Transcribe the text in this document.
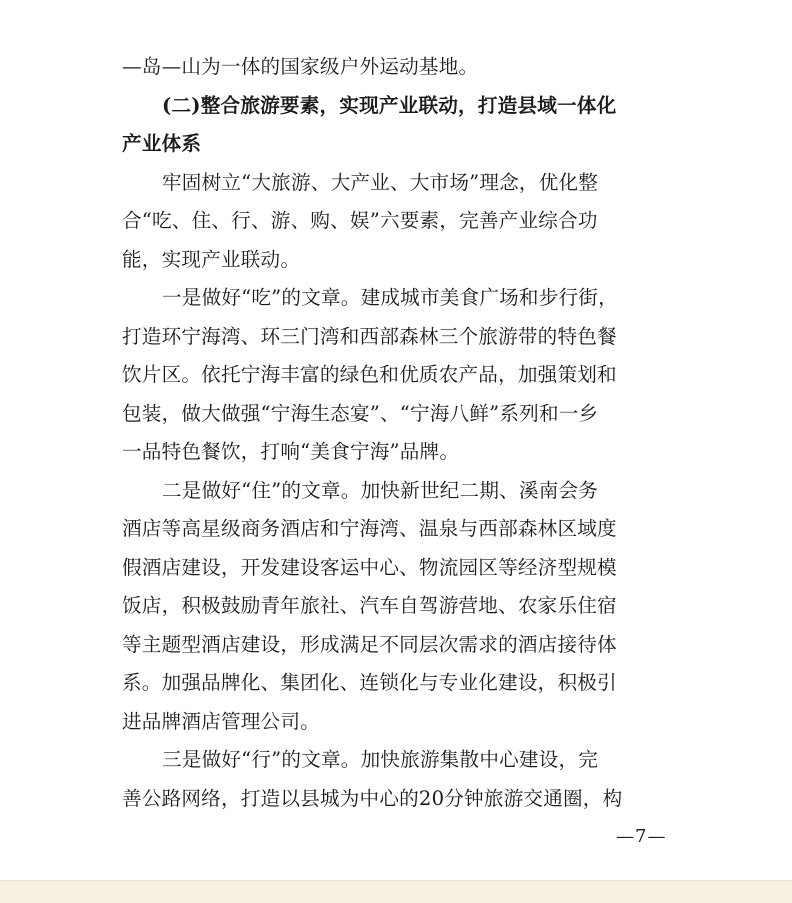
—岛—山为一体的国家级户外运动基地。
(二)整合旅游要素，实现产业联动，打造县域一体化
产业体系
牢固树立“大旅游、大产业、大市场”理念，优化整
合“吃、住、行、游、购、娱”六要素，完善产业综合功
能，实现产业联动。
一是做好“吃”的文章。建成城市美食广场和步行街，
打造环宁海湾、环三门湾和西部森林三个旅游带的特色餐
饮片区。依托宁海丰富的绿色和优质农产品，加强策划和
包装，做大做强“宁海生态宴”、“宁海八鲜”系列和一乡
一品特色餐饮，打响“美食宁海”品牌。
二是做好“住”的文章。加快新世纪二期、溪南会务
酒店等高星级商务酒店和宁海湾、温泉与西部森林区域度
假酒店建设，开发建设客运中心、物流园区等经济型规模
饭店，积极鼓励青年旅社、汽车自驾游营地、农家乐住宿
等主题型酒店建设，形成满足不同层次需求的酒店接待体
系。加强品牌化、集团化、连锁化与专业化建设，积极引
进品牌酒店管理公司。
三是做好“行”的文章。加快旅游集散中心建设，完
善公路网络，打造以县城为中心的20分钟旅游交通圈，构
—7—
